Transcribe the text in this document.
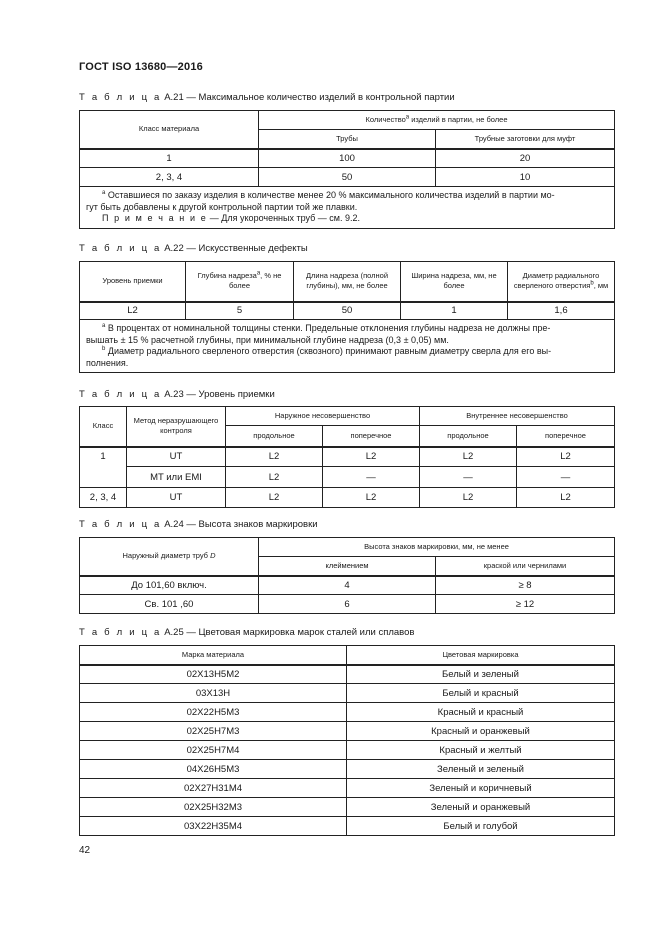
ГОСТ ISO 13680—2016
Т а б л и ц а А.21 — Максимальное количество изделий в контрольной партии
Класс материала	Количество$^a$ изделий в партии, не более	
	Трубы	Трубные заготовки для муфт
1	100	20
2, 3, 4	50	10

$^a$ Оставшиеся по заказу изделия в количестве менее 20 % максимального количества изделий в партии мо-
гут быть добавлены к другой контрольной партии той же плавки.
П р и м е ч а н и е — Для укороченных труб — см. 9.2.		
Т а б л и ц а А.22 — Искусственные дефекты
Уровень приемки	Глубина надреза$^a$, % не более	Длина надреза (полной глубины), мм, не более	Ширина надреза, мм, не более	Диаметр радиального сверленого отверстия$^b$, мм
L2	5	50	1	1,6

$^a$ В процентах от номинальной толщины стенки. Предельные отклонения глубины надреза не должны пре-
вышать ± 15 % расчетной глубины, при минимальной глубине надреза (0,3 ± 0,05) мм.
$^b$ Диаметр радиального сверленого отверстия (сквозного) принимают равным диаметру сверла для его вы-
полнения.				
Т а б л и ц а А.23 — Уровень приемки
Класс	Метод неразрушающего контроля	Наружное несовершенство		Внутреннее несовершенство	
		продольное	поперечное	продольное	поперечное
1	UT	L2	L2	L2	L2
	MT или EMI	L2	—	—	—
2, 3, 4	UT	L2	L2	L2	L2
Т а б л и ц а А.24 — Высота знаков маркировки
Наружный диаметр труб D	Высота знаков маркировки, мм, не менее	
	клеймением	краской или чернилами
До 101,60 включ.	4	≥ 8
Св. 101 ,60	6	≥ 12
Т а б л и ц а А.25 — Цветовая маркировка марок сталей или сплавов
Марка материала	Цветовая маркировка
02Х13Н5М2	Белый и зеленый
03Х13Н	Белый и красный
02Х22Н5М3	Красный и красный
02Х25Н7М3	Красный и оранжевый
02Х25Н7М4	Красный и желтый
04Х26Н5М3	Зеленый и зеленый
02Х27Н31М4	Зеленый и коричневый
02Х25Н32М3	Зеленый и оранжевый
03Х22Н35М4	Белый и голубой
42
